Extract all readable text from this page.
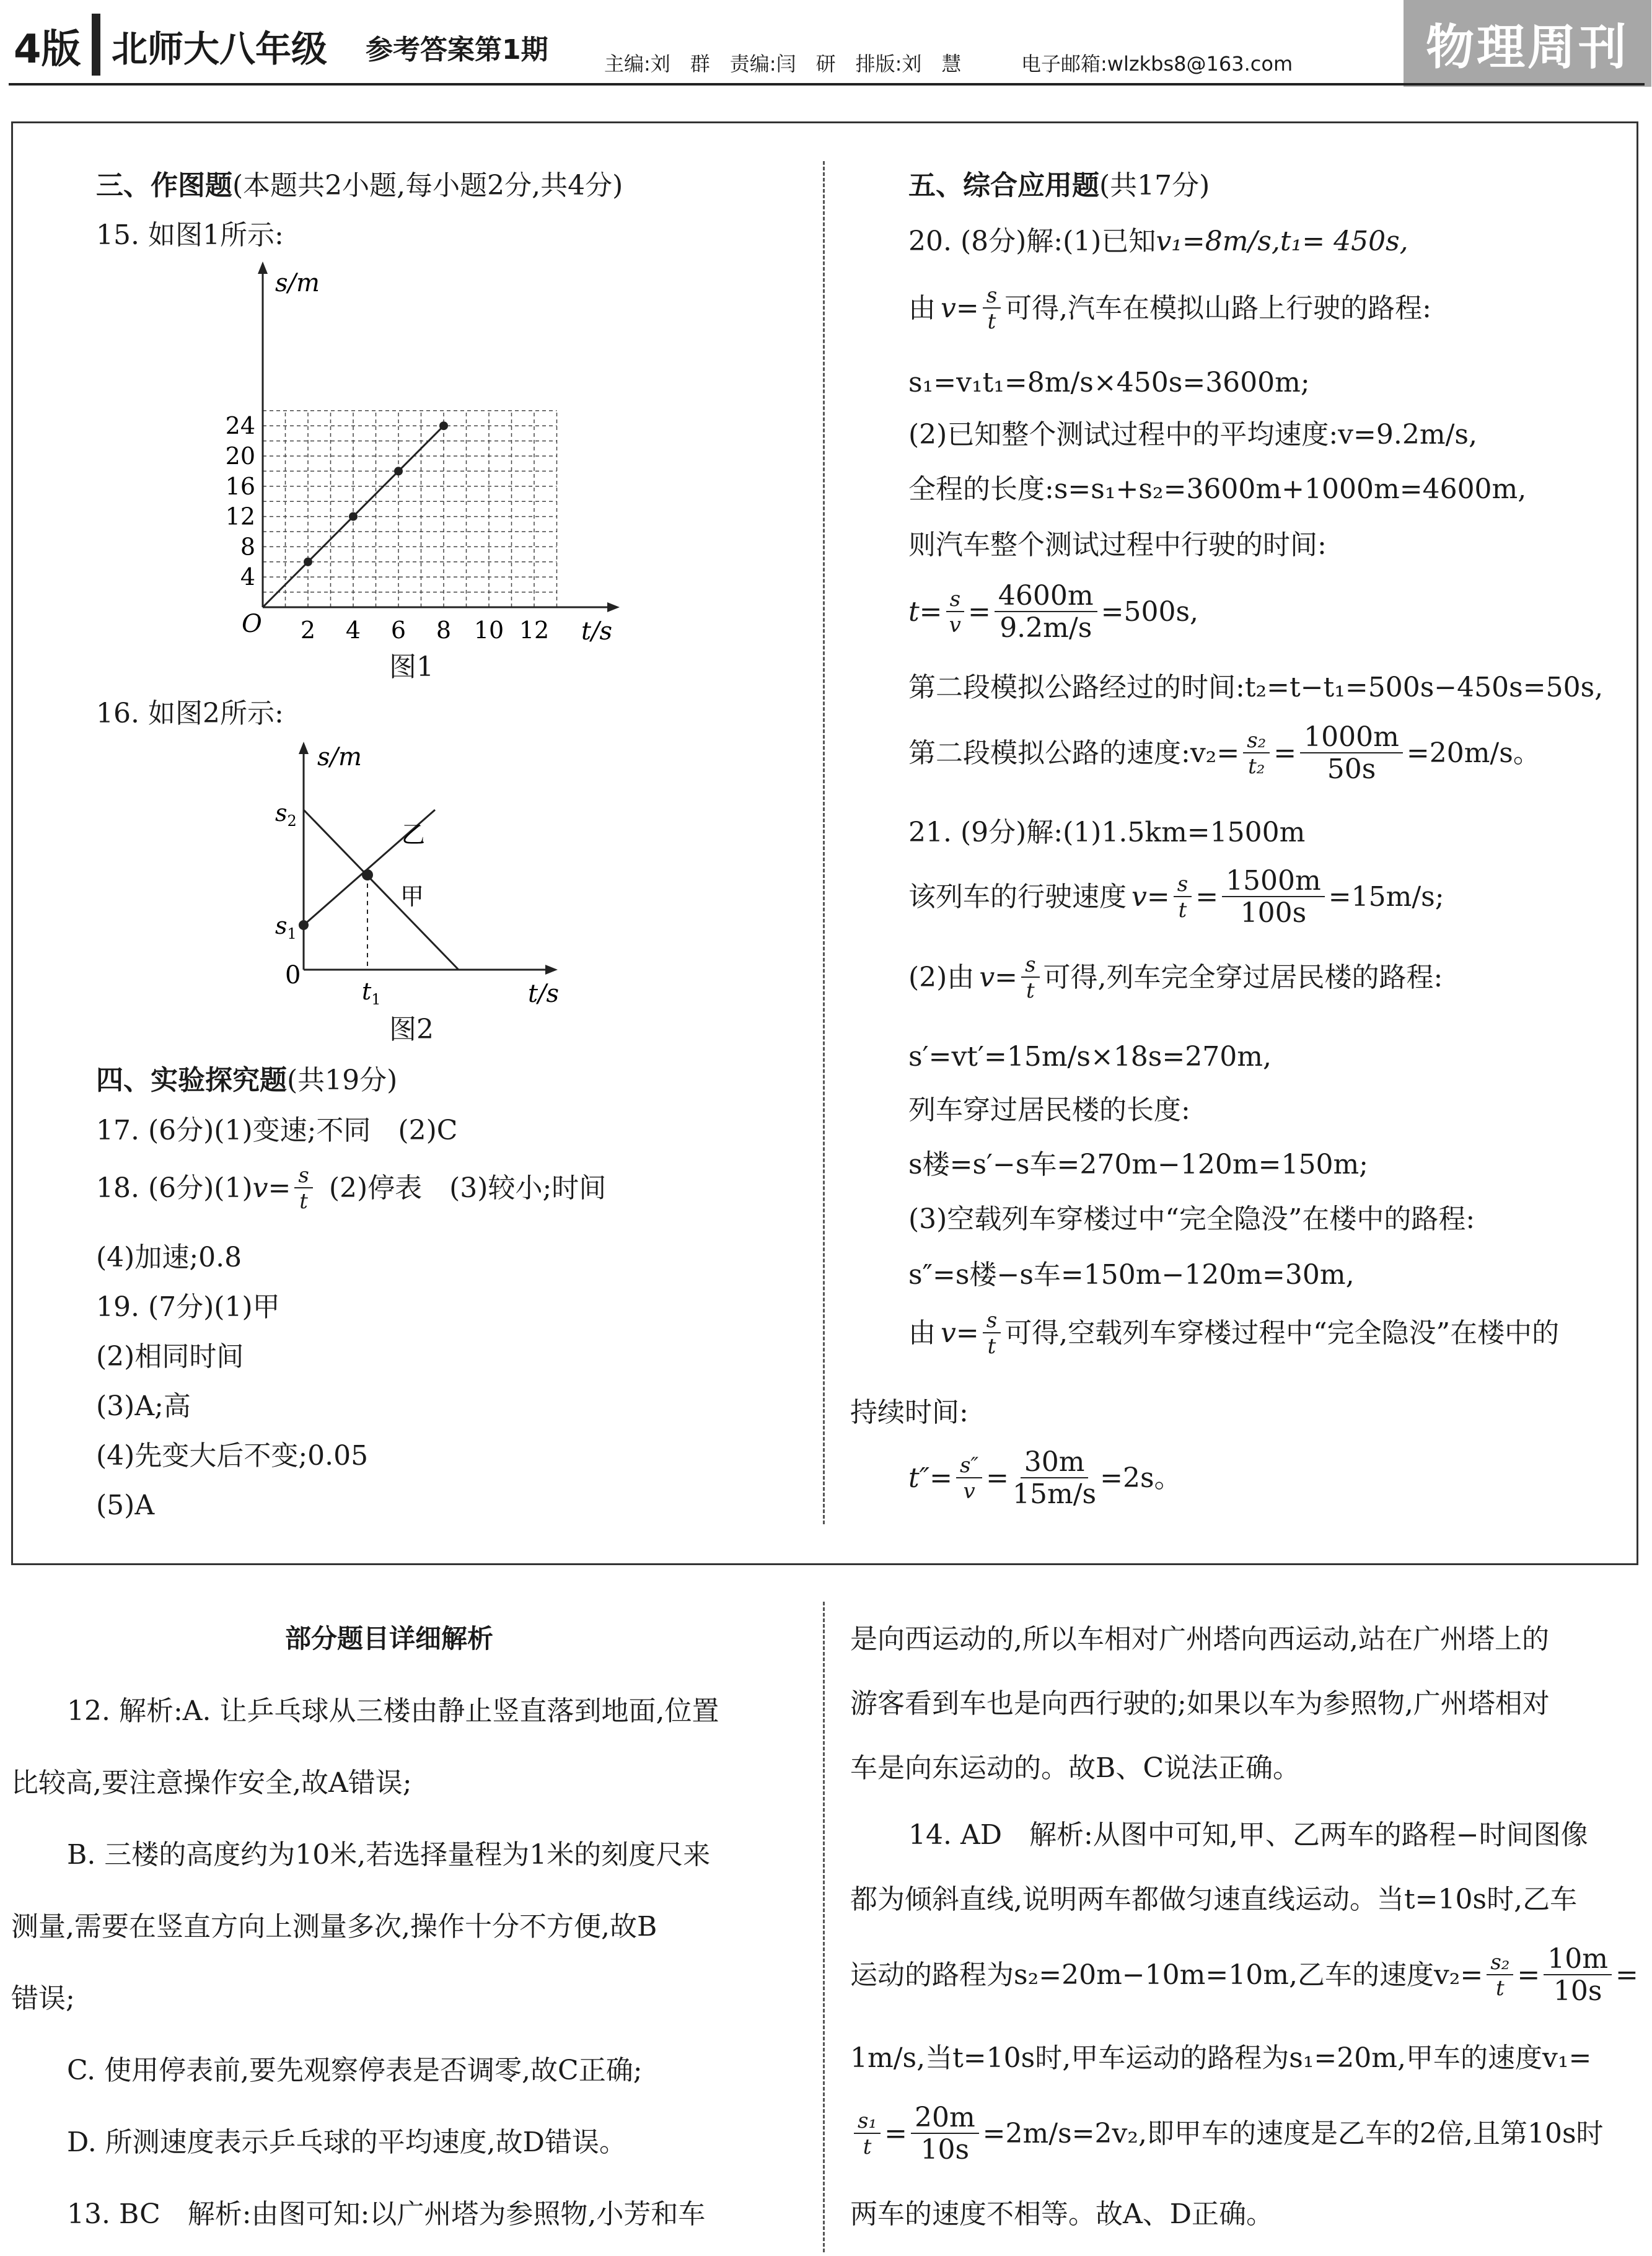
4版 北师大八年级 参考答案第1期	主编:刘　群　责编:闫　研　排版:刘　慧	电子邮箱:wlzkbs8@163.com	物理周刊
三、作图题(本题共2小题,每小题2分,共4分)
15. 如图1所示:
s/m
t/s
O 2 4 6 8 10 12
4
8
12
16
20
24
图1
16. 如图2所示:
s/m
t/s
0
$s_2$
$s_1$
$t_1$
乙
甲
图2
四、实验探究题(共19分)
17. (6分)(1)变速;不同　(2)C
18. (6分)(1) $v= \frac{s}{t} (2)$停表　(3)较小;时间
(4)加速;0.8
19. (7分)(1)甲
(2)相同时间
(3)A;高
(4)先变大后不变;0.05
(5)A
五、综合应用题(共17分)
20. (8分)解:(1)已知v₁=8m/s,t₁= 450s,
由 $v= \frac{s}{t}$ 可得,汽车在模拟山路上行驶的路程:
s₁=v₁t₁=8m/s×450s=3600m;
(2)已知整个测试过程中的平均速度:v=9.2m/s,
全程的长度:s=s₁+s₂=3600m+1000m=4600m,
则汽车整个测试过程中行驶的时间:
$t= \frac{s}{v} = \frac{4600m}{9.2m/s} =500s$,
第二段模拟公路经过的时间:t₂=t−t₁=500s−450s=50s,
第二段模拟公路的速度:v₂= $\frac{\text{s₂}}{\text{t₂}} = \frac{1000m}{50s} =20m/s$。
21. (9分)解:(1)1.5km=1500m
该列车的行驶速度 $v= \frac{s}{t} = \frac{1500m}{100s} =15m/s$;
(2)由 $v= \frac{s}{t}$ 可得,列车完全穿过居民楼的路程:
s′=vt′=15m/s×18s=270m,
列车穿过居民楼的长度:
s楼=s′−s车=270m−120m=150m;
(3)空载列车穿楼过中“完全隐没”在楼中的路程:
s″=s楼−s车=150m−120m=30m,
由 $v= \frac{s}{t}$ 可得,空载列车穿楼过程中“完全隐没”在楼中的
持续时间:
$t''= \frac{s''}{v} = \frac{30m}{15m/s} =2s$。
部分题目详细解析
12. 解析:A. 让乒乓球从三楼由静止竖直落到地面,位置
比较高,要注意操作安全,故A错误;
B. 三楼的高度约为10米,若选择量程为1米的刻度尺来
测量,需要在竖直方向上测量多次,操作十分不方便,故B
错误;
C. 使用停表前,要先观察停表是否调零,故C正确;
D. 所测速度表示乒乓球的平均速度,故D错误。
13. BC　解析:由图可知:以广州塔为参照物,小芳和车
是向西运动的,所以车相对广州塔向西运动,站在广州塔上的
游客看到车也是向西行驶的;如果以车为参照物,广州塔相对
车是向东运动的。故B、C说法正确。
14. AD　解析:从图中可知,甲、乙两车的路程−时间图像
都为倾斜直线,说明两车都做匀速直线运动。当t=10s时,乙车
运动的路程为s₂=20m−10m=10m,乙车的速度$v_2= \frac{\text{s₂}}{t} = \frac{10m}{10s}$ =
1m/s,当t=10s时,甲车运动的路程为s₁=20m,甲车的速度v₁=
$\frac{\text{s₁}}{t} = \frac{20m}{10s} =2m/s=2v_2$,即甲车的速度是乙车的2倍,且第10s时
两车的速度不相等。故A、D正确。
